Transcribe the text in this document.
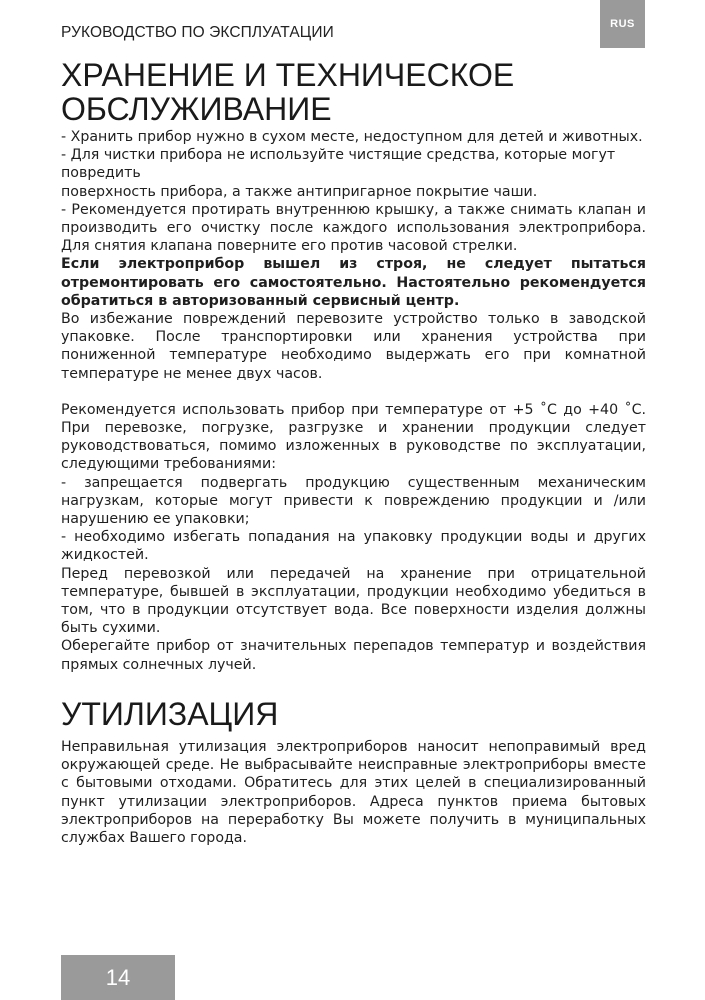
РУКОВОДСТВО ПО ЭКСПЛУАТАЦИИ	RUS
ХРАНЕНИЕ И ТЕХНИЧЕСКОЕ
ОБСЛУЖИВАНИЕ

- Хранить прибор нужно в сухом месте, недоступном для детей и животных.

- Для чистки прибора не используйте чистящие средства, которые могут повредить

поверхность прибора, а также антипригарное покрытие чаши.

- Рекомендуется протирать внутреннюю крышку, а также снимать клапан и производить его очистку после каждого использования электроприбора. Для снятия клапана поверните его против часовой стрелки.

Если электроприбор вышел из строя, не следует пытаться отремонтировать его самостоятельно. Настоятельно рекомендуется обратиться в авторизованный сервисный центр.

Во избежание повреждений перевозите устройство только в заводской упаковке. После транспортировки или хранения устройства при пониженной температуре необходимо выдержать его при комнатной температуре не менее двух часов.

Рекомендуется использовать прибор при температуре от +5 ˚С до +40 ˚С. При перевозке, погрузке, разгрузке и хранении продукции следует руководствоваться, помимо изложенных в руководстве по эксплуатации, следующими требованиями:

- запрещается подвергать продукцию существенным механическим нагрузкам, которые могут привести к повреждению продукции и /или нарушению ее упаковки;

- необходимо избегать попадания на упаковку продукции воды и других жидкостей.

Перед перевозкой или передачей на хранение при отрицательной температуре, бывшей в эксплуатации, продукции необходимо убедиться в том, что в продукции отсутствует вода. Все поверхности изделия должны быть сухими.

Оберегайте прибор от значительных перепадов температур и воздействия прямых солнечных лучей.

УТИЛИЗАЦИЯ

Неправильная утилизация электроприборов наносит непоправимый вред окружающей среде. Не выбрасывайте неисправные электроприборы вместе с бытовыми отходами. Обратитесь для этих целей в специализированный пункт утилизации электроприборов. Адреса пунктов приема бытовых электроприборов на переработку Вы можете получить в муниципальных службах Вашего города.

14
